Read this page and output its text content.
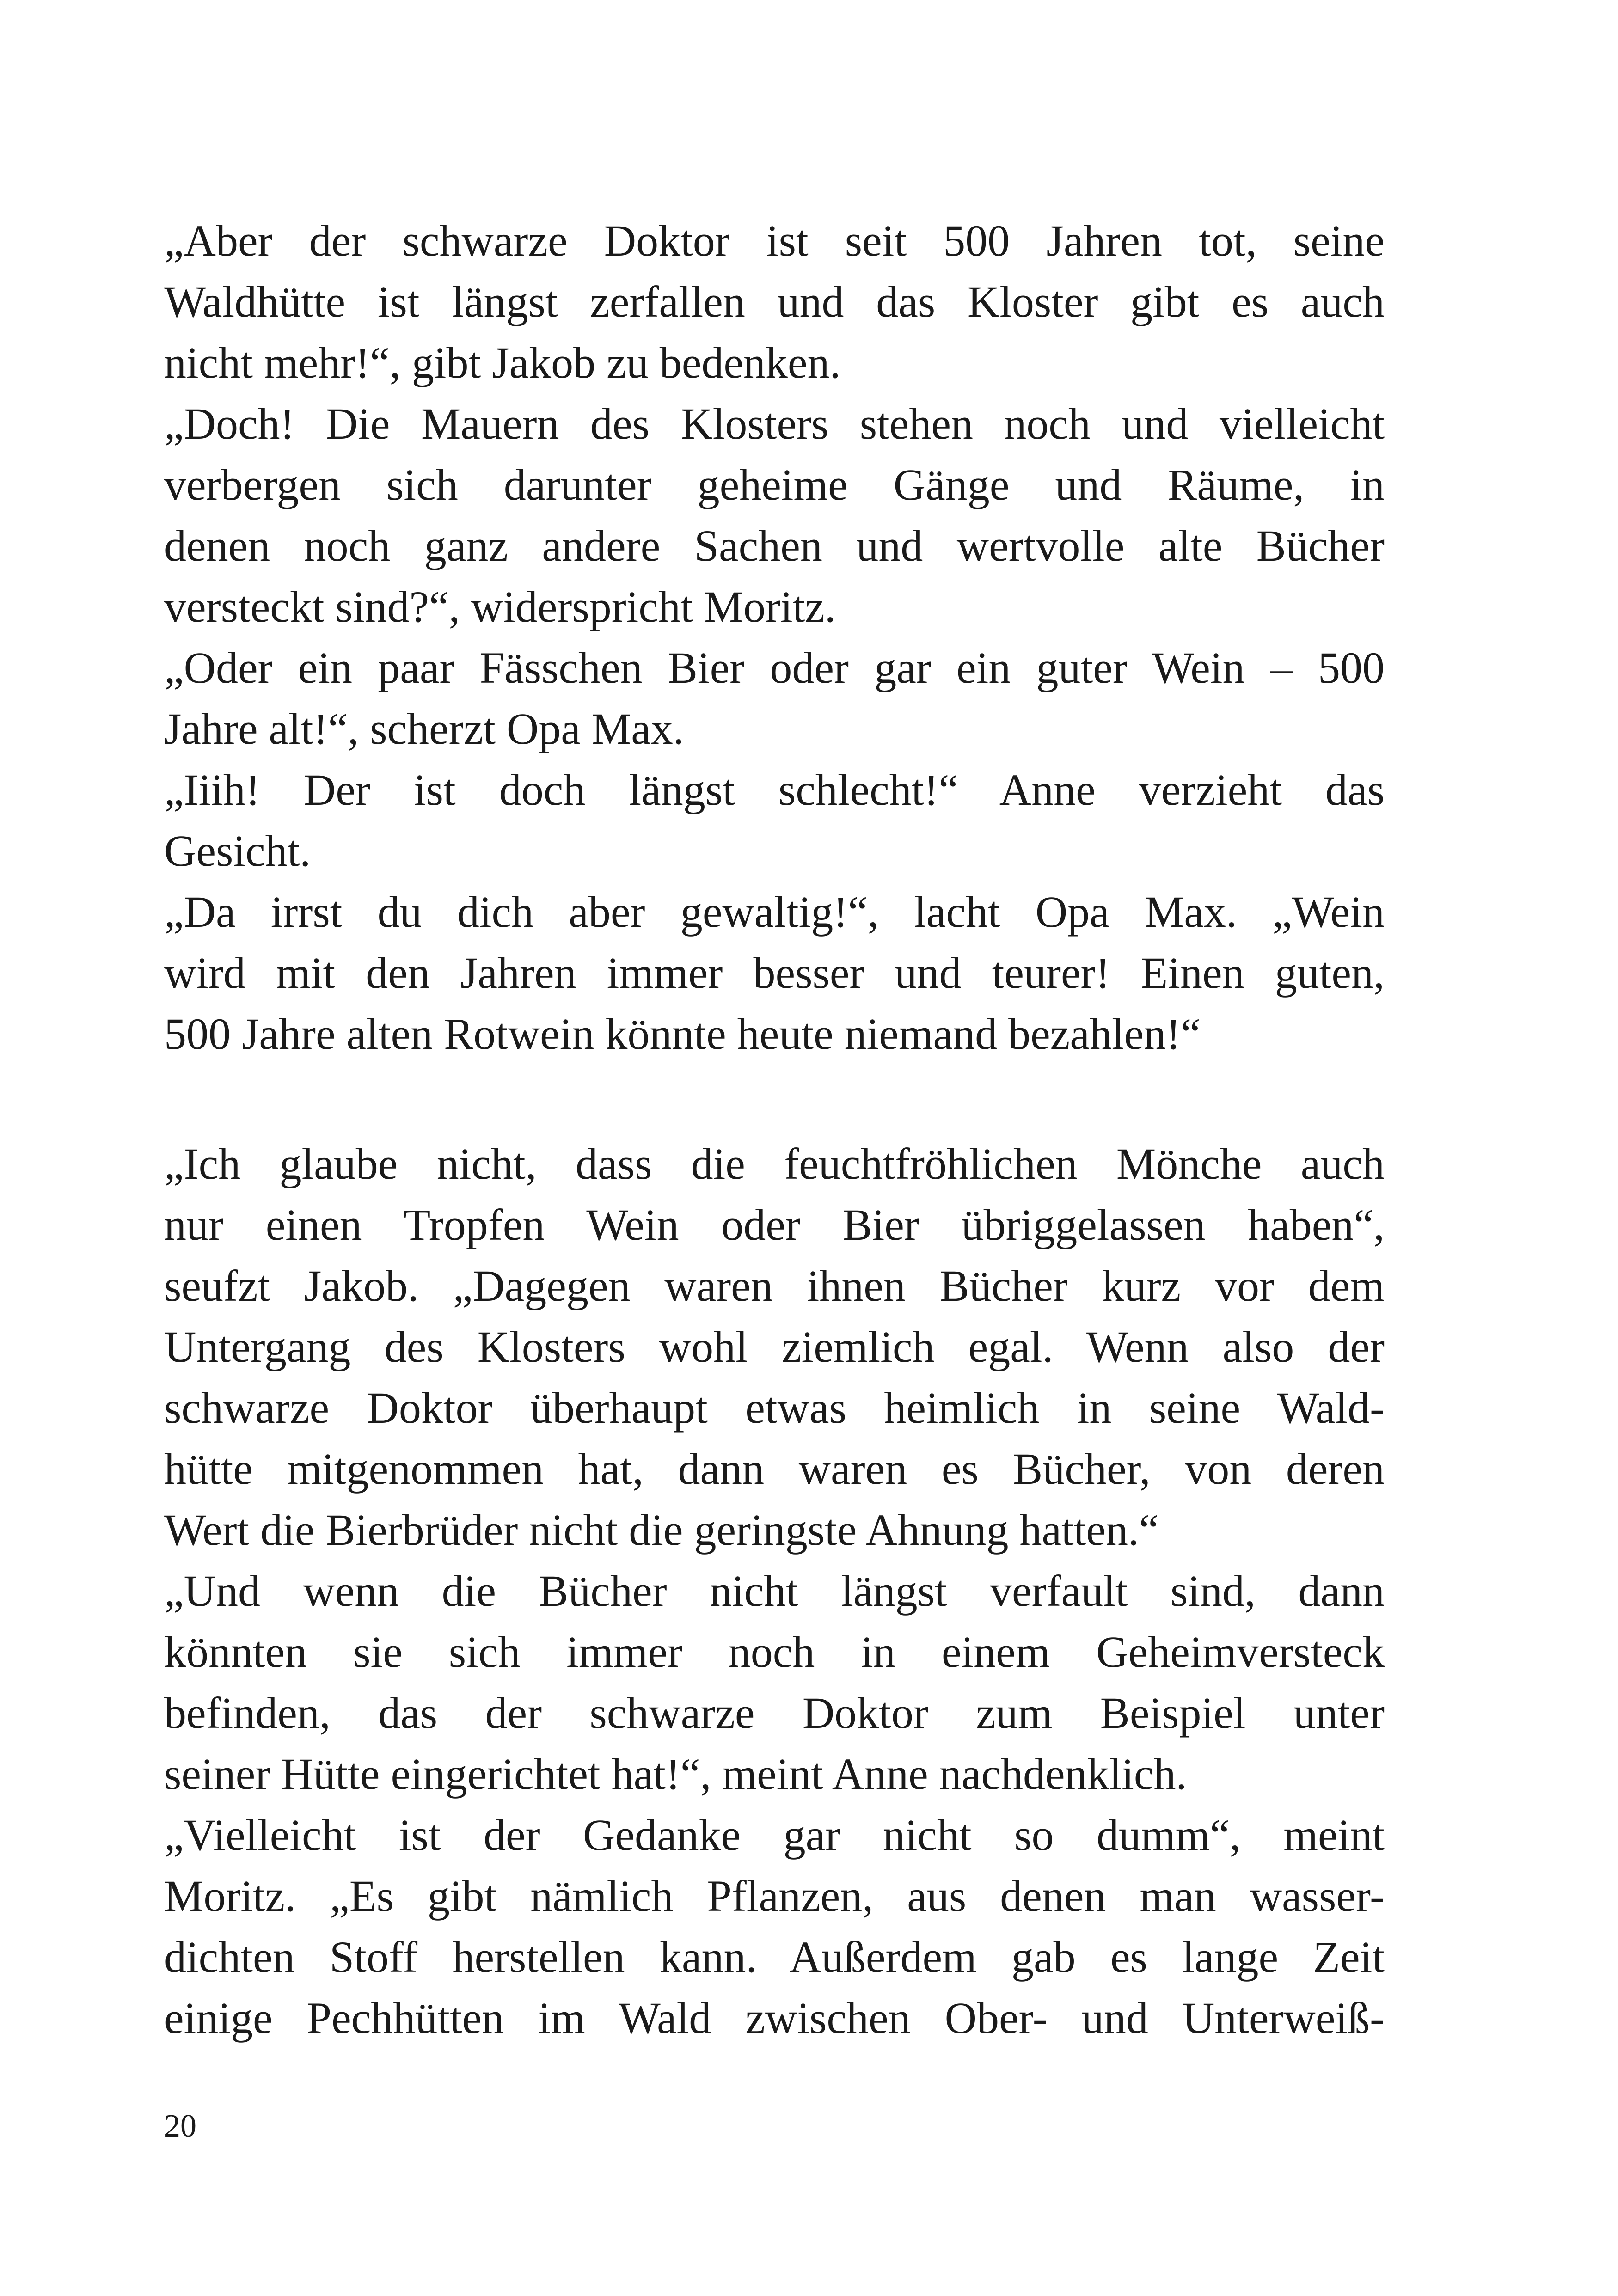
„Aber der schwarze Doktor ist seit 500 Jahren tot, seine
Waldhütte ist längst zerfallen und das Kloster gibt es auch
nicht mehr!“, gibt Jakob zu bedenken.
„Doch! Die Mauern des Klosters stehen noch und vielleicht
verbergen sich darunter geheime Gänge und Räume, in
denen noch ganz andere Sachen und wertvolle alte Bücher
versteckt sind?“, widerspricht Moritz.
„Oder ein paar Fässchen Bier oder gar ein guter Wein – 500
Jahre alt!“, scherzt Opa Max.
„Iiih! Der ist doch längst schlecht!“ Anne verzieht das
Gesicht.
„Da irrst du dich aber gewaltig!“, lacht Opa Max. „Wein
wird mit den Jahren immer besser und teurer! Einen guten,
500 Jahre alten Rotwein könnte heute niemand bezahlen!“
„Ich glaube nicht, dass die feuchtfröhlichen Mönche auch
nur einen Tropfen Wein oder Bier übriggelassen haben“,
seufzt Jakob. „Dagegen waren ihnen Bücher kurz vor dem
Untergang des Klosters wohl ziemlich egal. Wenn also der
schwarze Doktor überhaupt etwas heimlich in seine Wald-
hütte mitgenommen hat, dann waren es Bücher, von deren
Wert die Bierbrüder nicht die geringste Ahnung hatten.“
„Und wenn die Bücher nicht längst verfault sind, dann
könnten sie sich immer noch in einem Geheimversteck
befinden, das der schwarze Doktor zum Beispiel unter
seiner Hütte eingerichtet hat!“, meint Anne nachdenklich.
„Vielleicht ist der Gedanke gar nicht so dumm“, meint
Moritz. „Es gibt nämlich Pflanzen, aus denen man wasser-
dichten Stoff herstellen kann. Außerdem gab es lange Zeit
einige Pechhütten im Wald zwischen Ober- und Unterweiß-
20
